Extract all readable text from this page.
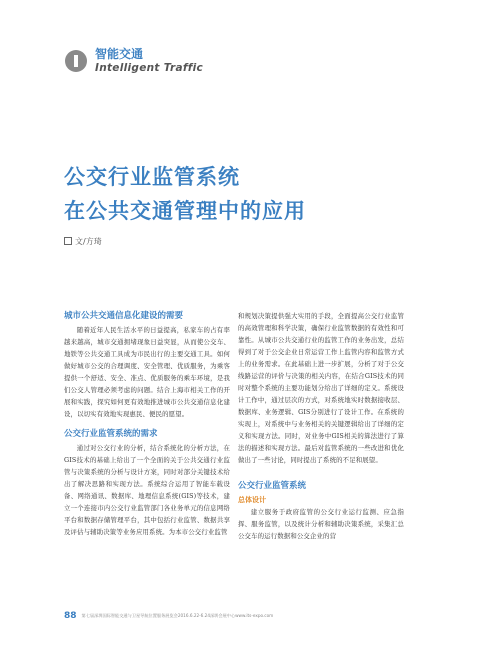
智能交通
Intelligent Traffic
公交行业监管系统
在公共交通管理中的应用
文/方琦
城市公共交通信息化建设的需要

随着近年人民生活水平的日益提高，私家车的占有率越来越高，城市交通拥堵现象日益突显，从而使公交车、地铁等公共交通工具成为市民出行的主要交通工具。如何做好城市公交的合理调度、安全管理、优质服务，为乘客提供一个舒适、安全、准点、优质服务的乘车环境，是我们公交人管理必须考虑的问题。结合上海市相关工作的开展和实践，探究如何更有效地推进城市公共交通信息化建设，以切实有效地实现惠民、便民的愿望。

公交行业监管系统的需求

通过对公交行业的分析，结合系统化的分析方法，在GIS技术的基础上给出了一个全面的关于公共交通行业监管与决策系统的分析与设计方案，同时对部分关键技术给出了解决思路和实现方法。系统综合运用了智能车载设备、网络通讯、数据库、地理信息系统(GIS)等技术，建立一个连接市内公交行业监管部门各业务单元的信息网络平台和数据存储管理平台，其中包括行业监管、数据共享及评估与辅助决策等业务应用系统。为本市公交行业监管

和规划决策提供强大实用的手段，全面提高公交行业监管的高效管理和科学决策，确保行业监管数据的有效性和可靠性。从城市公共交通行业的监管工作的业务出发，总结得到了对于公交企业日常运营工作上监管内容和监管方式上的业务需求。在此基础上进一步扩展，分析了对于公交线路运营的评价与决策的相关内容，在结合GIS技术的同时对整个系统的主要功能划分给出了详细的定义。系统设计工作中，通过层次的方式，对系统地实时数据接收层、数据库、业务逻辑、GIS分别进行了设计工作。在系统的实现上，对系统中与业务相关的关键逻辑给出了详细的定义和实现方法。同时，对业务中GIS相关的算法进行了算法的描述和实现方法。最后对监管系统的一些改进和优化做出了一些讨论，同时提出了系统的不足和展望。

公交行业监管系统
总体设计

建立服务于政府监管的公交行业运行监测、应急指挥、服务监管，以及统计分析和辅助决策系统，采集汇总公交车的运行数据和公交企业的营

88 第七届深圳国际智能交通与卫星导航位置服务展览会2016.6.22-6.24深圳会展中心www.its-expo.com
